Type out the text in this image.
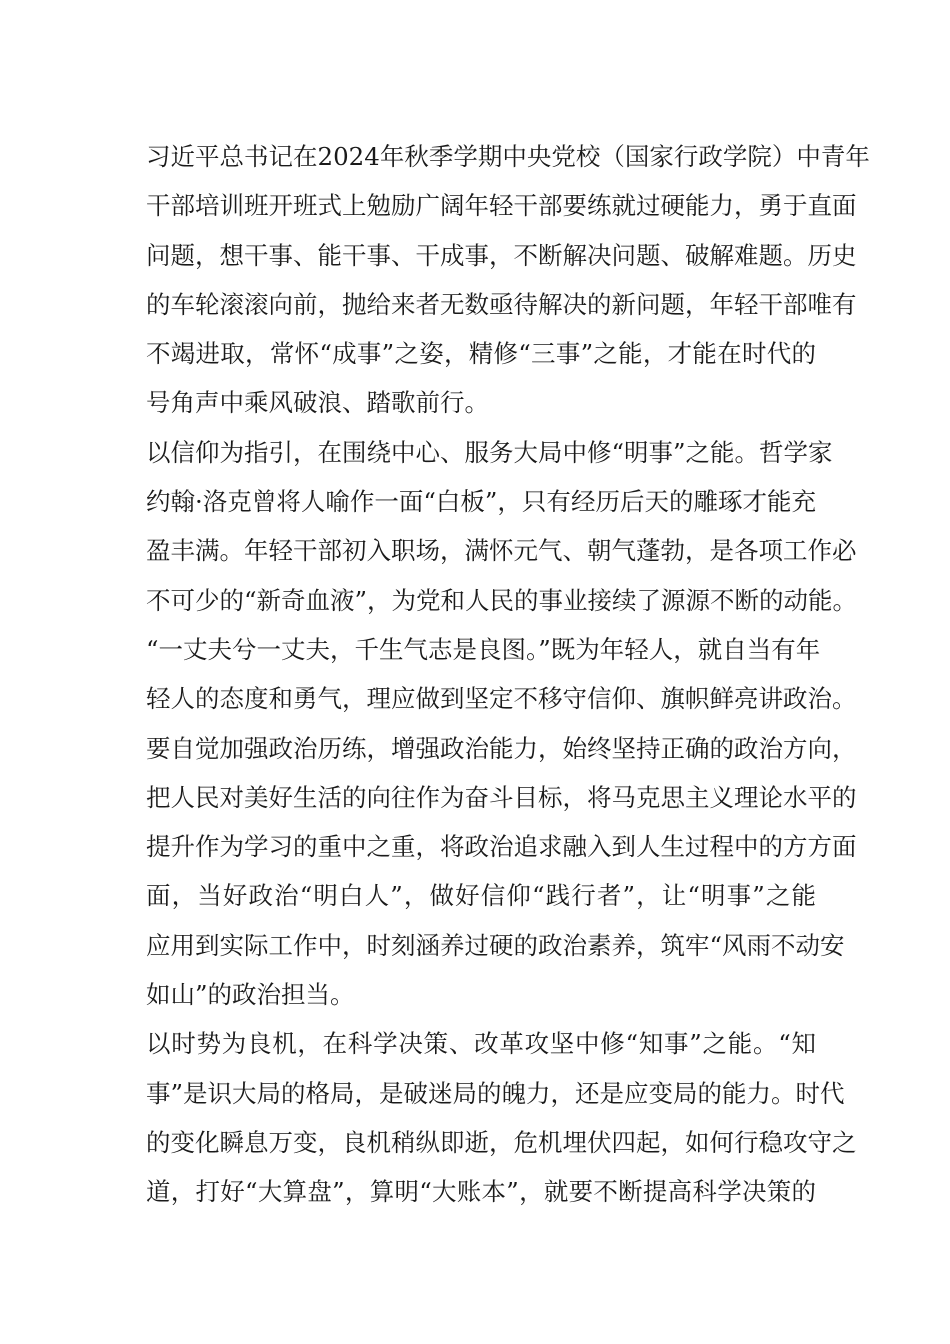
习近平总书记在2024年秋季学期中央党校（国家行政学院）中青年
干部培训班开班式上勉励广阔年轻干部要练就过硬能力，勇于直面
问题，想干事、能干事、干成事，不断解决问题、破解难题。历史
的车轮滚滚向前，抛给来者无数亟待解决的新问题，年轻干部唯有
不竭进取，常怀“成事”之姿，精修“三事”之能，才能在时代的
号角声中乘风破浪、踏歌前行。
以信仰为指引，在围绕中心、服务大局中修“明事”之能。哲学家
约翰·洛克曾将人喻作一面“白板”，只有经历后天的雕琢才能充
盈丰满。年轻干部初入职场，满怀元气、朝气蓬勃，是各项工作必
不可少的“新奇血液”，为党和人民的事业接续了源源不断的动能。
“一丈夫兮一丈夫，千生气志是良图。”既为年轻人，就自当有年
轻人的态度和勇气，理应做到坚定不移守信仰、旗帜鲜亮讲政治。
要自觉加强政治历练，增强政治能力，始终坚持正确的政治方向，
把人民对美好生活的向往作为奋斗目标，将马克思主义理论水平的
提升作为学习的重中之重，将政治追求融入到人生过程中的方方面
面，当好政治“明白人”，做好信仰“践行者”，让“明事”之能
应用到实际工作中，时刻涵养过硬的政治素养，筑牢“风雨不动安
如山”的政治担当。
以时势为良机，在科学决策、改革攻坚中修“知事”之能。“知
事”是识大局的格局，是破迷局的魄力，还是应变局的能力。时代
的变化瞬息万变，良机稍纵即逝，危机埋伏四起，如何行稳攻守之
道，打好“大算盘”，算明“大账本”，就要不断提高科学决策的
